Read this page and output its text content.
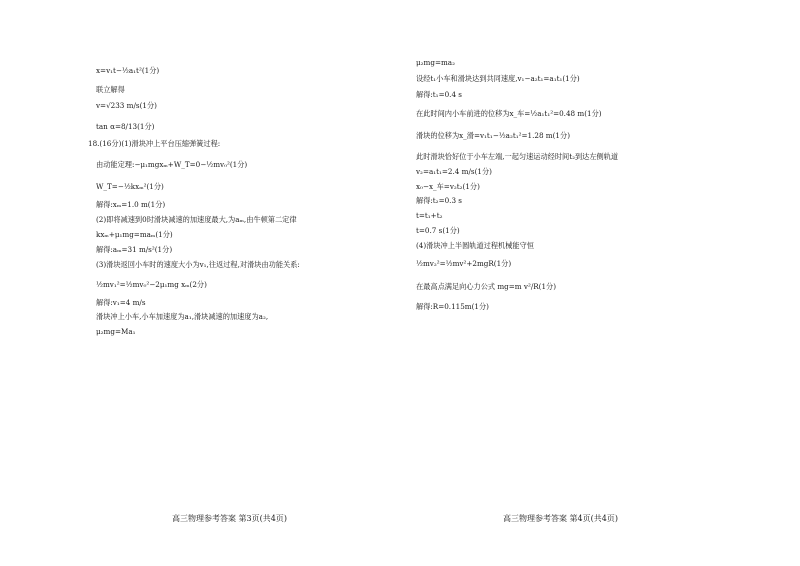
x=v₁t−½a₁t²(1分)
联立解得
v=√233 m/s(1分)
tan α=8/13(1分)
18.(16分)(1)滑块冲上平台压缩弹簧过程:
由动能定理:−μ₁mgxₘ+W_T=0−½mv₀²(1分)
W_T=−½kxₘ²(1分)
解得:xₘ=1.0 m(1分)
(2)即将减速到0时滑块减速的加速度最大,为aₘ,由牛顿第二定律
kxₘ+μ₁mg=maₘ(1分)
解得:aₘ=31 m/s²(1分)
(3)滑块返回小车时的速度大小为v₁,往返过程,对滑块由功能关系:
½mv₁²=½mv₀²−2μ₁mg xₘ(2分)
解得:v₁=4 m/s
滑块冲上小车,小车加速度为a₁,滑块减速的加速度为a₂,
μ₂mg=Ma₁
μ₂mg=ma₂
设经t₁小车和滑块达到共同速度,v₁−a₂t₁=a₁t₁(1分)
解得:t₁=0.4 s
在此时间内小车前进的位移为x_车=½a₁t₁²=0.48 m(1分)
滑块的位移为x_滑=v₁t₁−½a₂t₁²=1.28 m(1分)
此时滑块恰好位于小车左端,一起匀速运动经时间t₂到达左侧轨道
v₂=a₁t₁=2.4 m/s(1分)
x₀−x_车=v₂t₂(1分)
解得:t₂=0.3 s
t=t₁+t₂
t=0.7 s(1分)
(4)滑块冲上半圆轨道过程机械能守恒
½mv₂²=½mv²+2mgR(1分)
在最高点满足向心力公式 mg=m v²/R(1分)
解得:R=0.115m(1分)
高三物理参考答案 第3页(共4页)	高三物理参考答案 第4页(共4页)
